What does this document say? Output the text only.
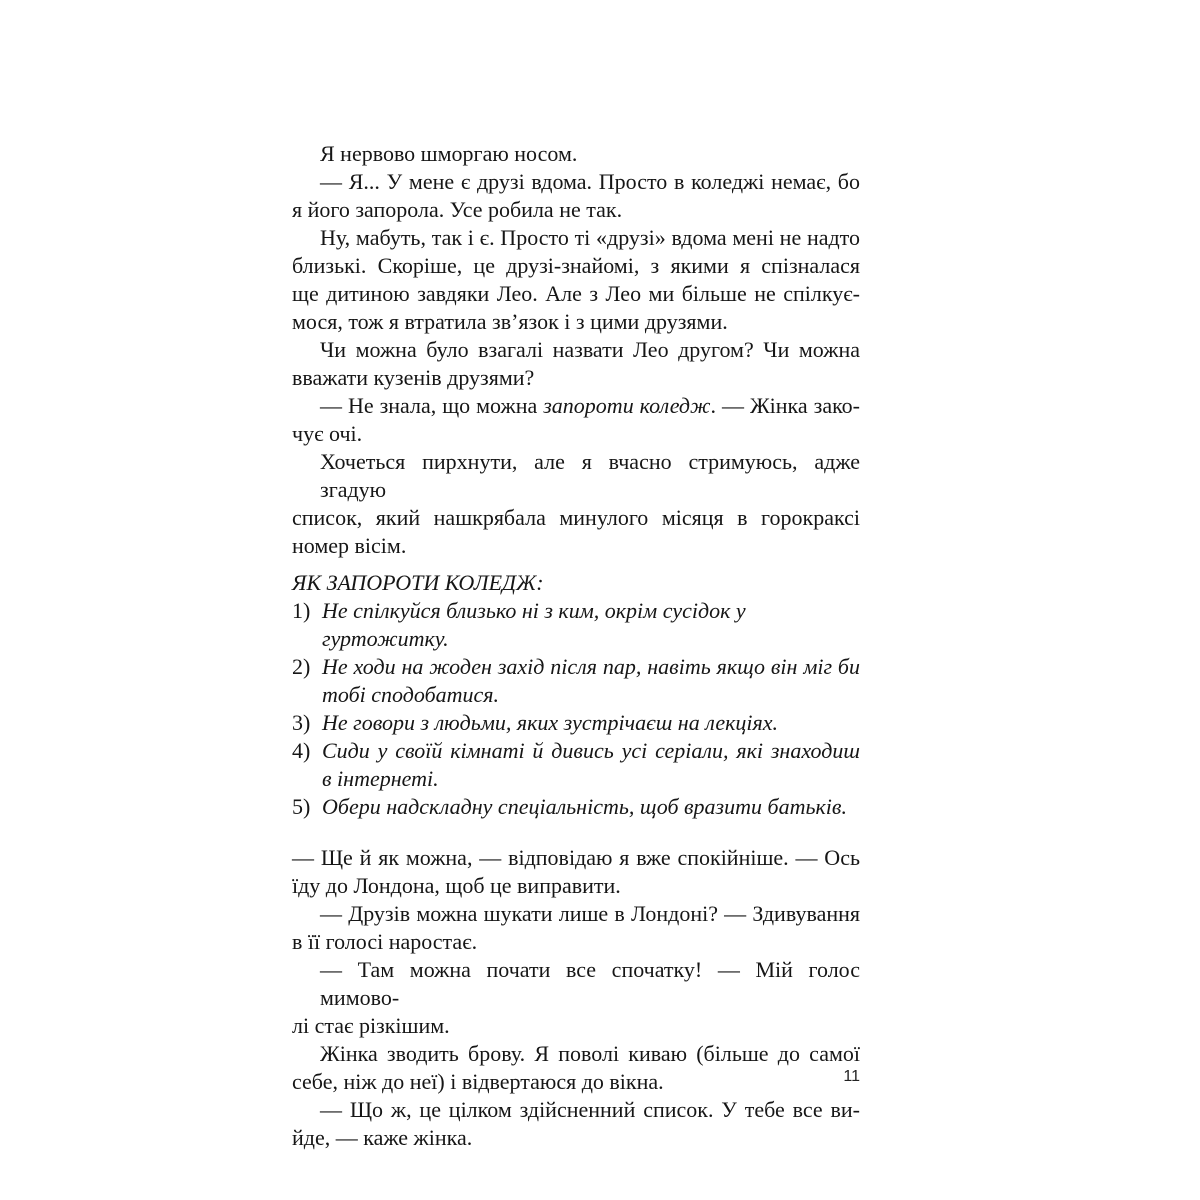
Я нервово шморгаю носом.
— Я... У мене є друзі вдома. Просто в коледжі немає, бо
я його запорола. Усе робила не так.
Ну, мабуть, так і є. Просто ті «друзі» вдома мені не надто
близькі. Скоріше, це друзі-знайомі, з якими я спізналася
ще дитиною завдяки Лео. Але з Лео ми більше не спілкує-
мося, тож я втратила зв’язок і з цими друзями.
Чи можна було взагалі назвати Лео другом? Чи можна
вважати кузенів друзями?
— Не знала, що можна запороти коледж. — Жінка зако-
чує очі.
Хочеться пирхнути, але я вчасно стримуюсь, адже згадую
список, який нашкрябала минулого місяця в горокраксі
номер вісім.
ЯК ЗАПОРОТИ КОЛЕДЖ:
1) Не спілкуйся близько ні з ким, окрім сусідок у гуртожитку.
2) Не ходи на жоден захід після пар, навіть якщо він міг би
тобі сподобатися.
3) Не говори з людьми, яких зустрічаєш на лекціях.
4) Сиди у своїй кімнаті й дивись усі серіали, які знаходиш
в інтернеті.
5) Обери надскладну спеціальність, щоб вразити батьків.
— Ще й як можна, — відповідаю я вже спокійніше. — Ось
їду до Лондона, щоб це виправити.
— Друзів можна шукати лише в Лондоні? — Здивування
в її голосі наростає.
— Там можна почати все спочатку! — Мій голос мимово-
лі стає різкішим.
Жінка зводить брову. Я поволі киваю (більше до самої
себе, ніж до неї) і відвертаюся до вікна.
— Що ж, це цілком здійсненний список. У тебе все ви-
йде, — каже жінка.
11
